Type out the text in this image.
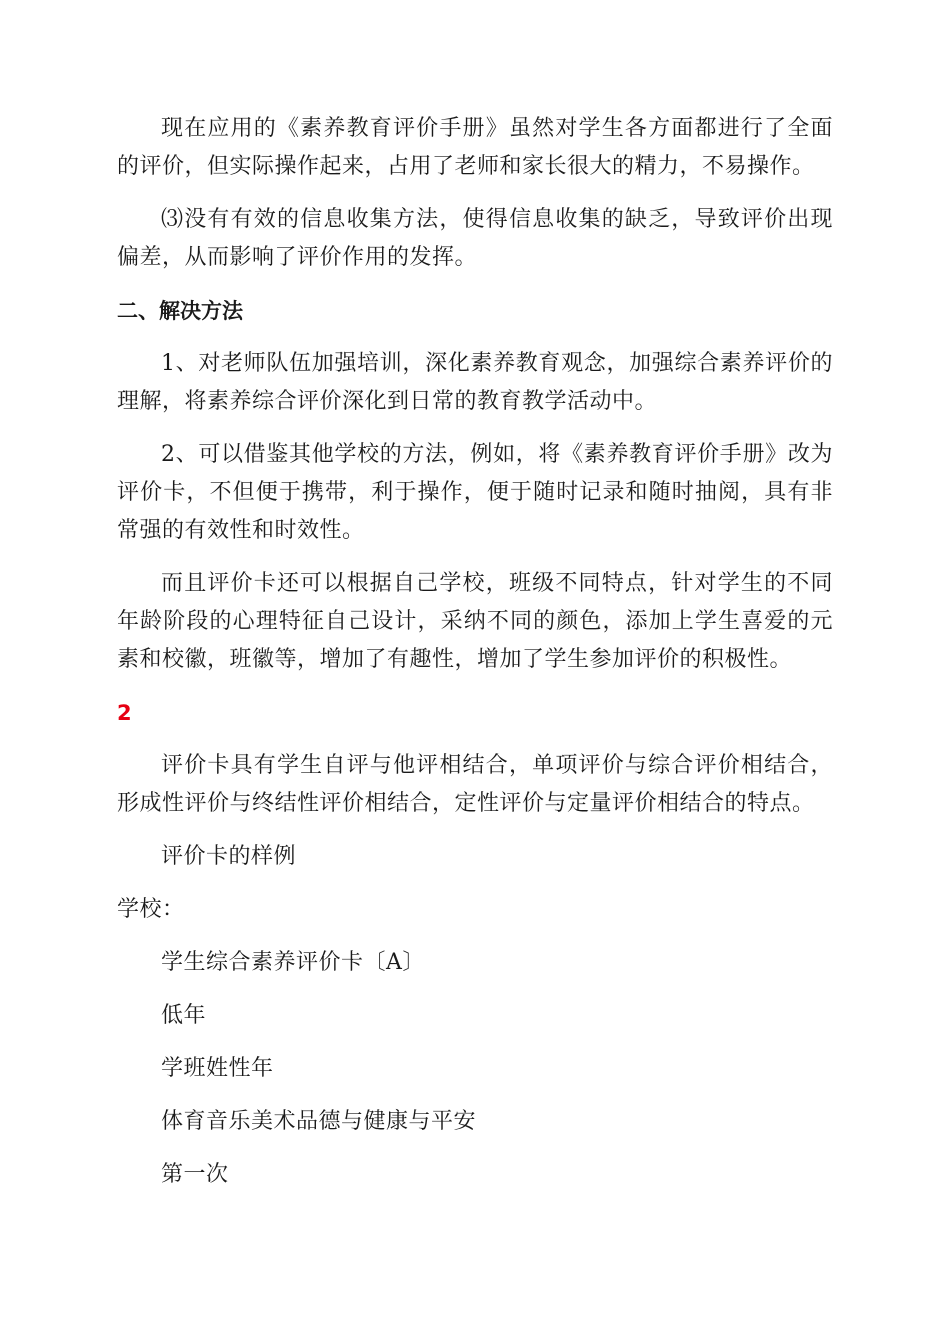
现在应用的《素养教育评价手册》虽然对学生各方面都进行了全面的评价，但实际操作起来，占用了老师和家长很大的精力，不易操作。

⑶没有有效的信息收集方法，使得信息收集的缺乏，导致评价出现偏差，从而影响了评价作用的发挥。

二、解决方法

1、对老师队伍加强培训，深化素养教育观念，加强综合素养评价的理解，将素养综合评价深化到日常的教育教学活动中。

2、可以借鉴其他学校的方法，例如，将《素养教育评价手册》改为评价卡，不但便于携带，利于操作，便于随时记录和随时抽阅，具有非常强的有效性和时效性。

而且评价卡还可以根据自己学校，班级不同特点，针对学生的不同年龄阶段的心理特征自己设计，采纳不同的颜色，添加上学生喜爱的元素和校徽，班徽等，增加了有趣性，增加了学生参加评价的积极性。

2

评价卡具有学生自评与他评相结合，单项评价与综合评价相结合，形成性评价与终结性评价相结合，定性评价与定量评价相结合的特点。

评价卡的样例

学校：

学生综合素养评价卡〔A〕

低年

学班姓性年

体育音乐美术品德与健康与平安

第一次
